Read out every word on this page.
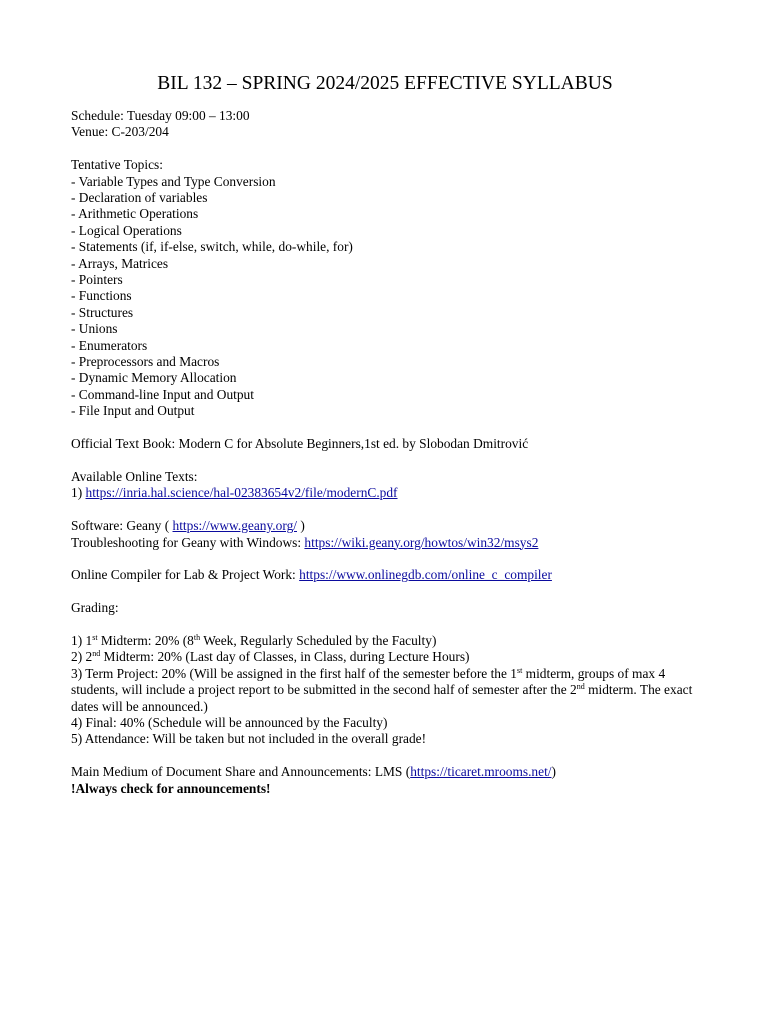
BIL 132 – SPRING 2024/2025 EFFECTIVE SYLLABUS
Schedule: Tuesday 09:00 – 13:00
Venue: C-203/204
Tentative Topics:
- Variable Types and Type Conversion
- Declaration of variables
- Arithmetic Operations
- Logical Operations
- Statements (if, if-else, switch, while, do-while, for)
- Arrays, Matrices
- Pointers
- Functions
- Structures
- Unions
- Enumerators
- Preprocessors and Macros
- Dynamic Memory Allocation
- Command-line Input and Output
- File Input and Output
Official Text Book: Modern C for Absolute Beginners,1st ed. by Slobodan Dmitrović
Available Online Texts:
1) https://inria.hal.science/hal-02383654v2/file/modernC.pdf
Software: Geany ( https://www.geany.org/ )
Troubleshooting for Geany with Windows: https://wiki.geany.org/howtos/win32/msys2
Online Compiler for Lab & Project Work: https://www.onlinegdb.com/online_c_compiler
Grading:
1) 1st Midterm: 20% (8th Week, Regularly Scheduled by the Faculty)
2) 2nd Midterm: 20% (Last day of Classes, in Class, during Lecture Hours)
3) Term Project: 20% (Will be assigned in the first half of the semester before the 1st midterm, groups of max 4 students, will include a project report to be submitted in the second half of semester after the 2nd midterm. The exact dates will be announced.)
4) Final: 40% (Schedule will be announced by the Faculty)
5) Attendance: Will be taken but not included in the overall grade!
Main Medium of Document Share and Announcements: LMS (https://ticaret.mrooms.net/)
!Always check for announcements!
